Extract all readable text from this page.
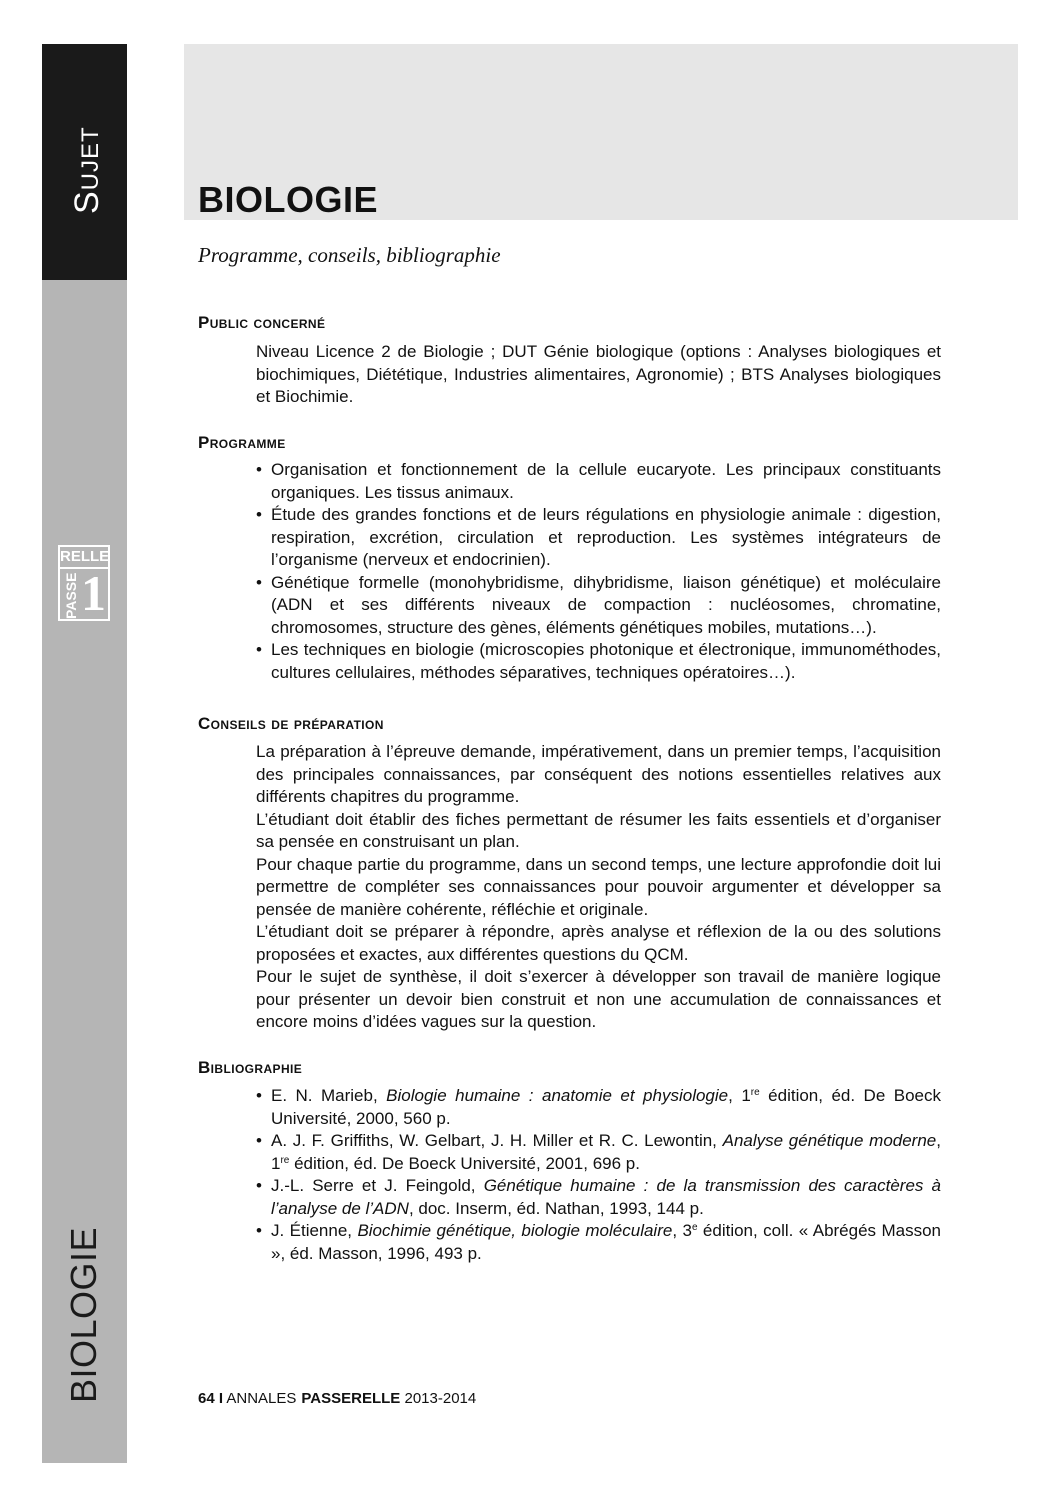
Sujet
BIOLOGIE
RELLE
PASSE 1
BIOLOGIE

Programme, conseils, bibliographie

Public concerné

Niveau Licence 2 de Biologie ; DUT Génie biologique (options : Analyses biologiques et biochimiques, Diététique, Industries alimentaires, Agronomie) ; BTS Analyses biologiques et Biochimie.

Programme
• Organisation et fonctionnement de la cellule eucaryote. Les principaux constituants organiques. Les tissus animaux.
• Étude des grandes fonctions et de leurs régulations en physiologie animale : digestion, respiration, excrétion, circulation et reproduction. Les systèmes intégrateurs de l’organisme (nerveux et endocrinien).
• Génétique formelle (monohybridisme, dihybridisme, liaison génétique) et moléculaire (ADN et ses différents niveaux de compaction : nucléosomes, chromatine, chromosomes, structure des gènes, éléments génétiques mobiles, mutations…).
• Les techniques en biologie (microscopies photonique et électronique, immunométhodes, cultures cellulaires, méthodes séparatives, techniques opératoires…).
Conseils de préparation
La préparation à l’épreuve demande, impérativement, dans un premier temps, l’acquisition des principales connaissances, par conséquent des notions essentielles relatives aux différents chapitres du programme.
L’étudiant doit établir des fiches permettant de résumer les faits essentiels et d’organiser sa pensée en construisant un plan.
Pour chaque partie du programme, dans un second temps, une lecture approfondie doit lui permettre de compléter ses connaissances pour pouvoir argumenter et développer sa pensée de manière cohérente, réfléchie et originale.
L’étudiant doit se préparer à répondre, après analyse et réflexion de la ou des solutions proposées et exactes, aux différentes questions du QCM.
Pour le sujet de synthèse, il doit s’exercer à développer son travail de manière logique pour présenter un devoir bien construit et non une accumulation de connaissances et encore moins d’idées vagues sur la question.
Bibliographie
• E. N. Marieb, Biologie humaine : anatomie et physiologie, 1re édition, éd. De Boeck Université, 2000, 560 p.
• A. J. F. Griffiths, W. Gelbart, J. H. Miller et R. C. Lewontin, Analyse génétique moderne, 1re édition, éd. De Boeck Université, 2001, 696 p.
• J.-L. Serre et J. Feingold, Génétique humaine : de la transmission des caractères à l’analyse de l’ADN, doc. Inserm, éd. Nathan, 1993, 144 p.
• J. Étienne, Biochimie génétique, biologie moléculaire, 3e édition, coll. « Abrégés Masson », éd. Masson, 1996, 493 p.
64 I ANNALES PASSERELLE 2013-2014
